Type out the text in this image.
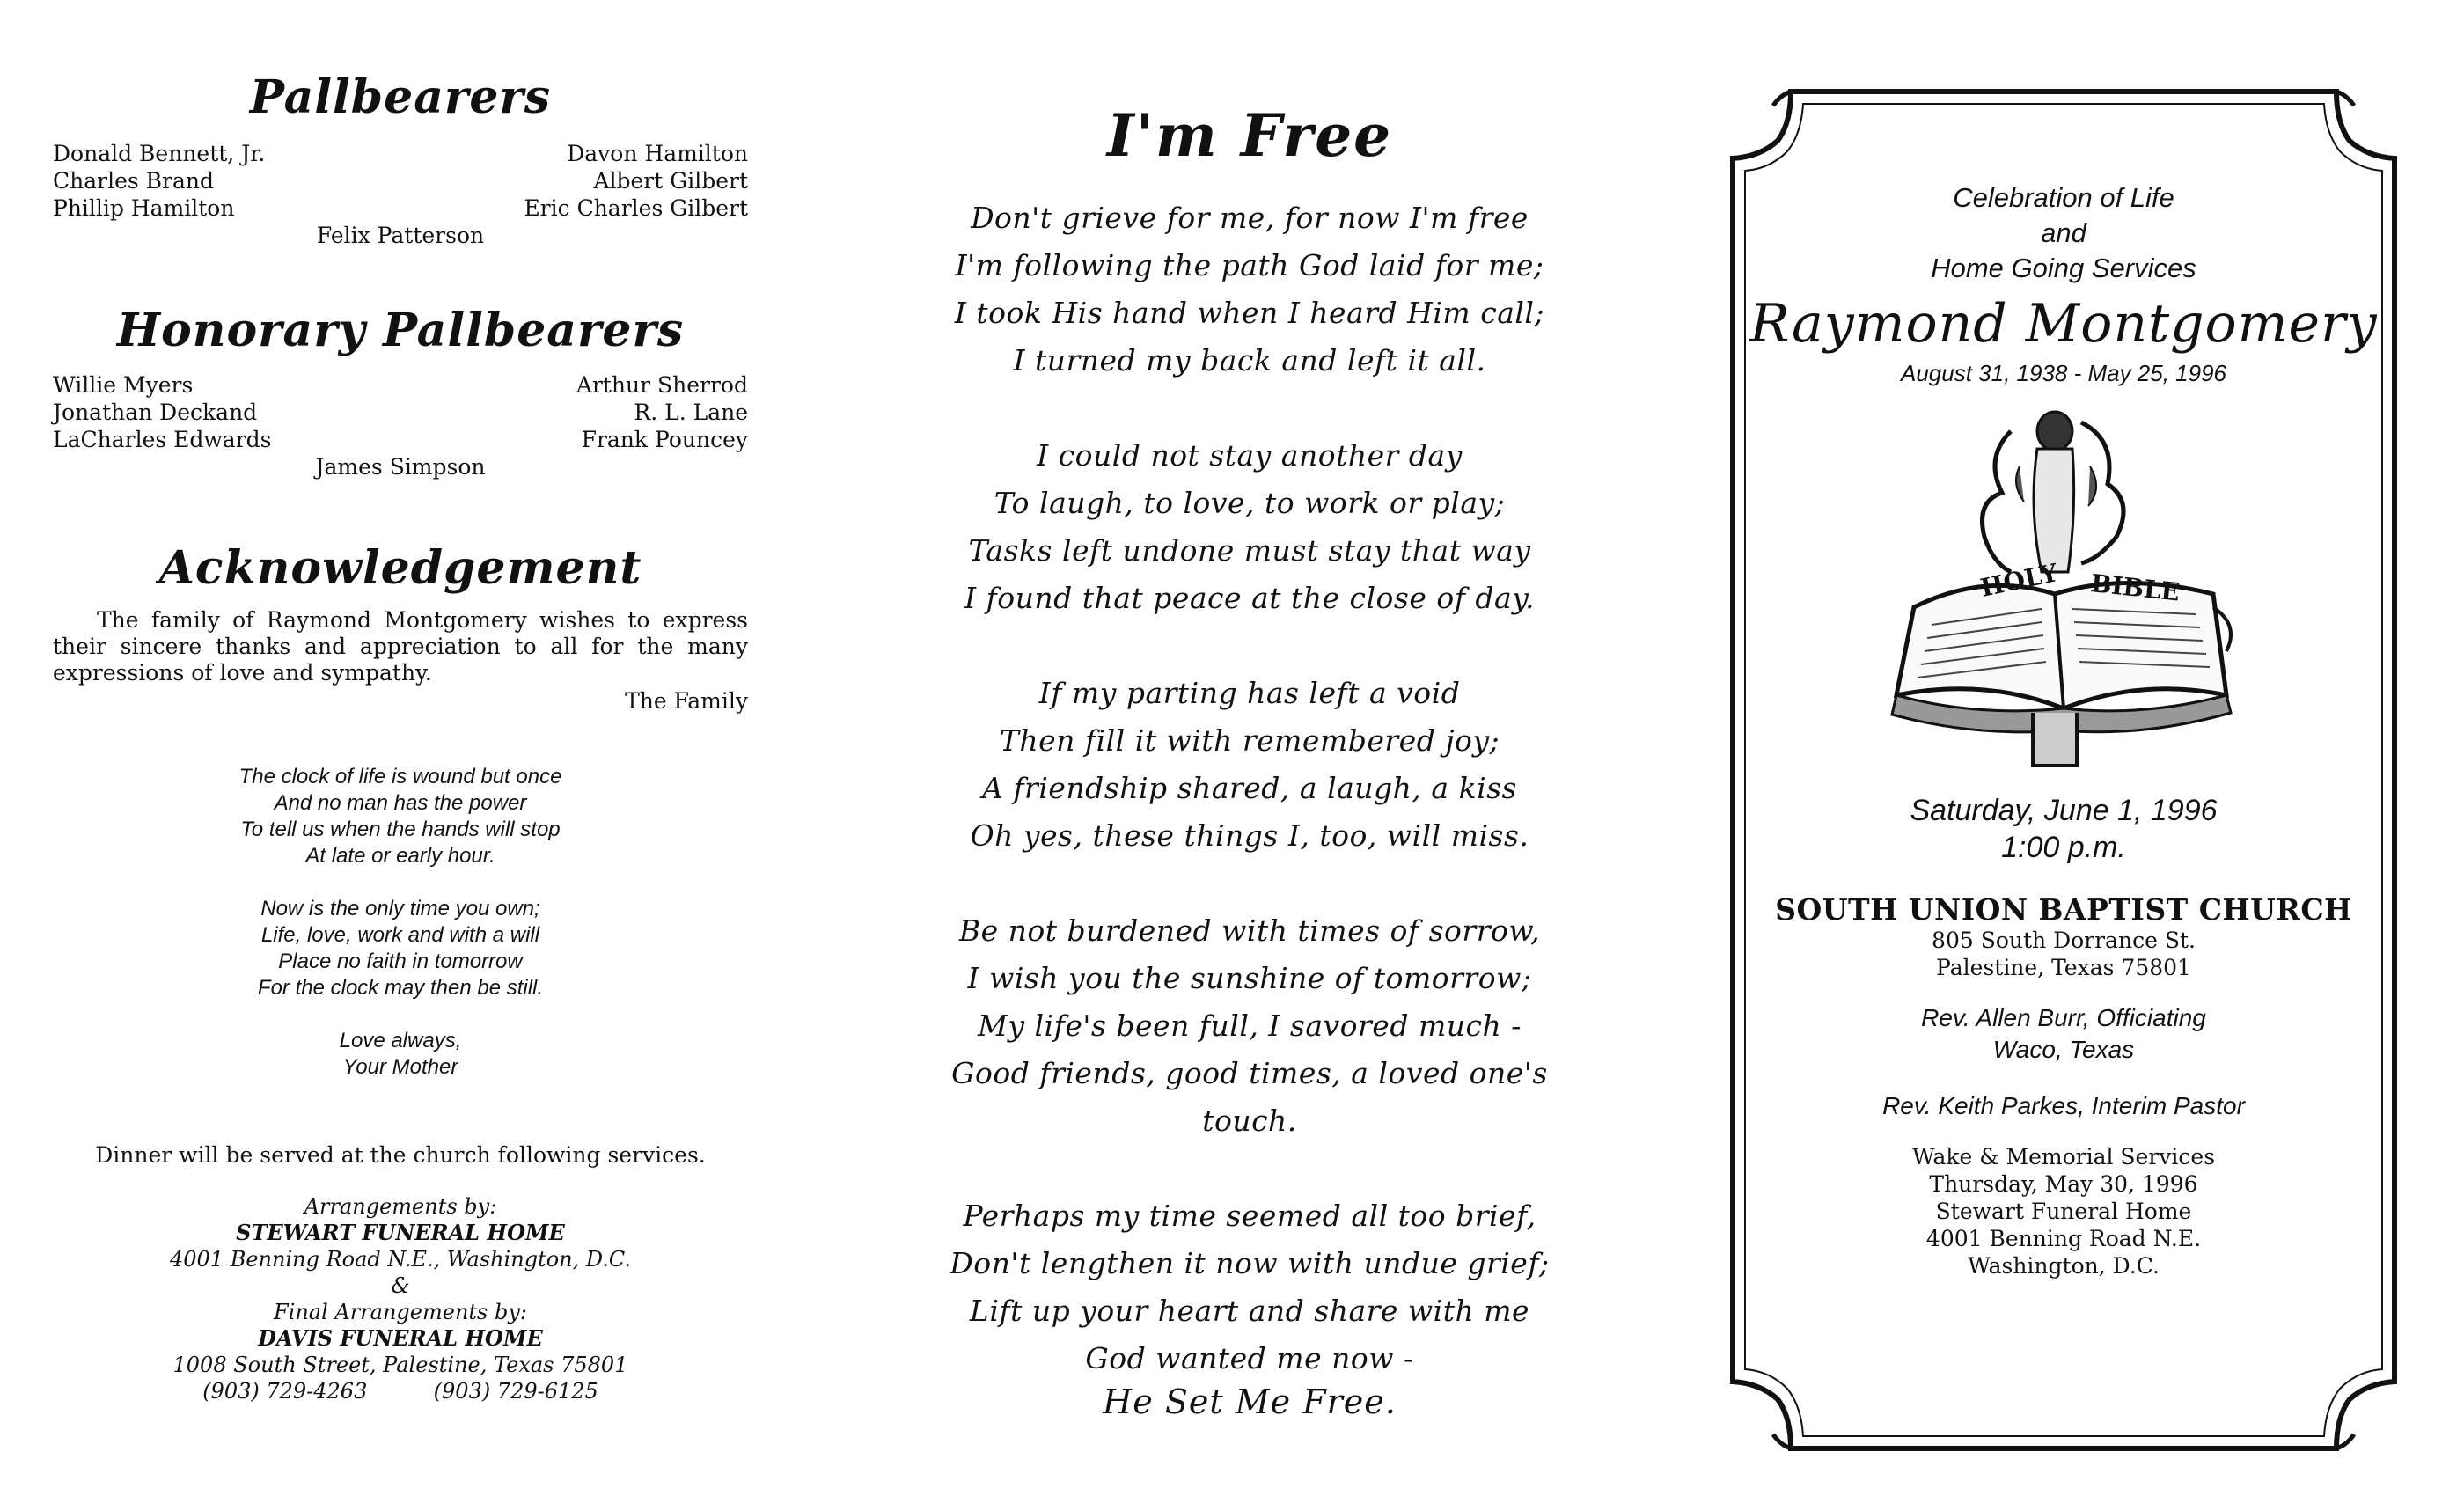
Pallbearers
Donald Bennett, Jr.	Davon Hamilton
Charles Brand	Albert Gilbert
Phillip Hamilton	Eric Charles Gilbert
Felix Patterson
Honorary Pallbearers
Willie Myers	Arthur Sherrod
Jonathan Deckand	R. L. Lane
LaCharles Edwards	Frank Pouncey
James Simpson
Acknowledgement

The family of Raymond Montgomery wishes to express their sincere thanks and appreciation to all for the many expressions of love and sympathy.

The Family

The clock of life is wound but once
And no man has the power
To tell us when the hands will stop
At late or early hour.
Now is the only time you own;
Life, love, work and with a will
Place no faith in tomorrow
For the clock may then be still.
Love always,
Your Mother
Dinner will be served at the church following services.
Arrangements by:
STEWART FUNERAL HOME
4001 Benning Road N.E., Washington, D.C.
&
Final Arrangements by:
DAVIS FUNERAL HOME
1008 South Street, Palestine, Texas 75801
(903) 729-4263	(903) 729-6125
I'm Free
Don't grieve for me, for now I'm free
I'm following the path God laid for me;
I took His hand when I heard Him call;
I turned my back and left it all.
I could not stay another day
To laugh, to love, to work or play;
Tasks left undone must stay that way
I found that peace at the close of day.
If my parting has left a void
Then fill it with remembered joy;
A friendship shared, a laugh, a kiss
Oh yes, these things I, too, will miss.
Be not burdened with times of sorrow,
I wish you the sunshine of tomorrow;
My life's been full, I savored much -
Good friends, good times, a loved one's touch.
Perhaps my time seemed all too brief,
Don't lengthen it now with undue grief;
Lift up your heart and share with me
God wanted me now -
He Set Me Free.
Celebration of Life
and
Home Going Services
Raymond Montgomery
August 31, 1938 - May 25, 1996
HOLY BIBLE
Saturday, June 1, 1996
1:00 p.m.
SOUTH UNION BAPTIST CHURCH
805 South Dorrance St.
Palestine, Texas 75801
Rev. Allen Burr, Officiating
Waco, Texas
Rev. Keith Parkes, Interim Pastor
Wake & Memorial Services
Thursday, May 30, 1996
Stewart Funeral Home
4001 Benning Road N.E.
Washington, D.C.
